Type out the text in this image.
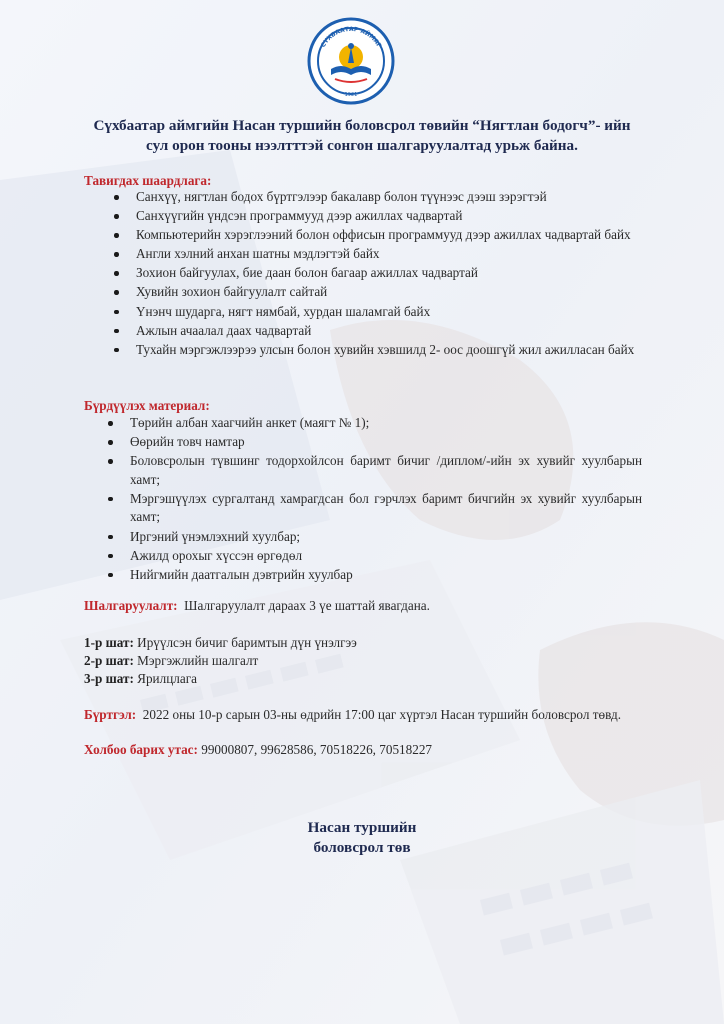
СҮХБААТАР АЙМАГ
1921
Сүхбаатар аймгийн Насан туршийн боловсрол төвийн “Нягтлан бодогч”- ийн
сул орон тооны нээлтттэй сонгон шалгаруулалтад урьж байна.
Тавигдах шаардлага:
Санхүү, нягтлан бодох бүртгэлээр бакалавр болон түүнээс дээш зэрэгтэй
Санхүүгийн үндсэн программууд дээр ажиллах чадвартай
Компьютерийн хэрэглээний болон оффисын программууд дээр ажиллах чадвартай байх
Англи хэлний анхан шатны мэдлэгтэй байх
Зохион байгуулах, бие даан болон багаар ажиллах чадвартай
Хувийн зохион байгуулалт сайтай
Үнэнч шударга, нягт нямбай, хурдан шаламгай байх
Ажлын ачаалал даах чадвартай
Тухайн мэргэжлээрээ улсын болон хувийн хэвшилд 2- оос доошгүй жил ажилласан байх
Бүрдүүлэх материал:
Төрийн албан хаагчийн анкет (маягт № 1);
Өөрийн товч намтар
Боловсролын түвшинг тодорхойлсон баримт бичиг /диплом/-ийн эх хувийг хуулбарын хамт;
Мэргэшүүлэх сургалтанд хамрагдсан бол гэрчлэх баримт бичгийн эх хувийг хуулбарын хамт;
Иргэний үнэмлэхний хуулбар;
Ажилд орохыг хүссэн өргөдөл
Нийгмийн даатгалын дэвтрийн хуулбар
Шалгаруулалт: Шалгаруулалт дараах 3 үе шаттай явагдана.
1-р шат: Ирүүлсэн бичиг баримтын дүн үнэлгээ
2-р шат: Мэргэжлийн шалгалт
3-р шат: Ярилцлага
Бүртгэл: 2022 оны 10-р сарын 03-ны өдрийн 17:00 цаг хүртэл Насан туршийн боловсрол төвд.
Холбоо барих утас: 99000807, 99628586, 70518226, 70518227
Насан туршийн
боловсрол төв
